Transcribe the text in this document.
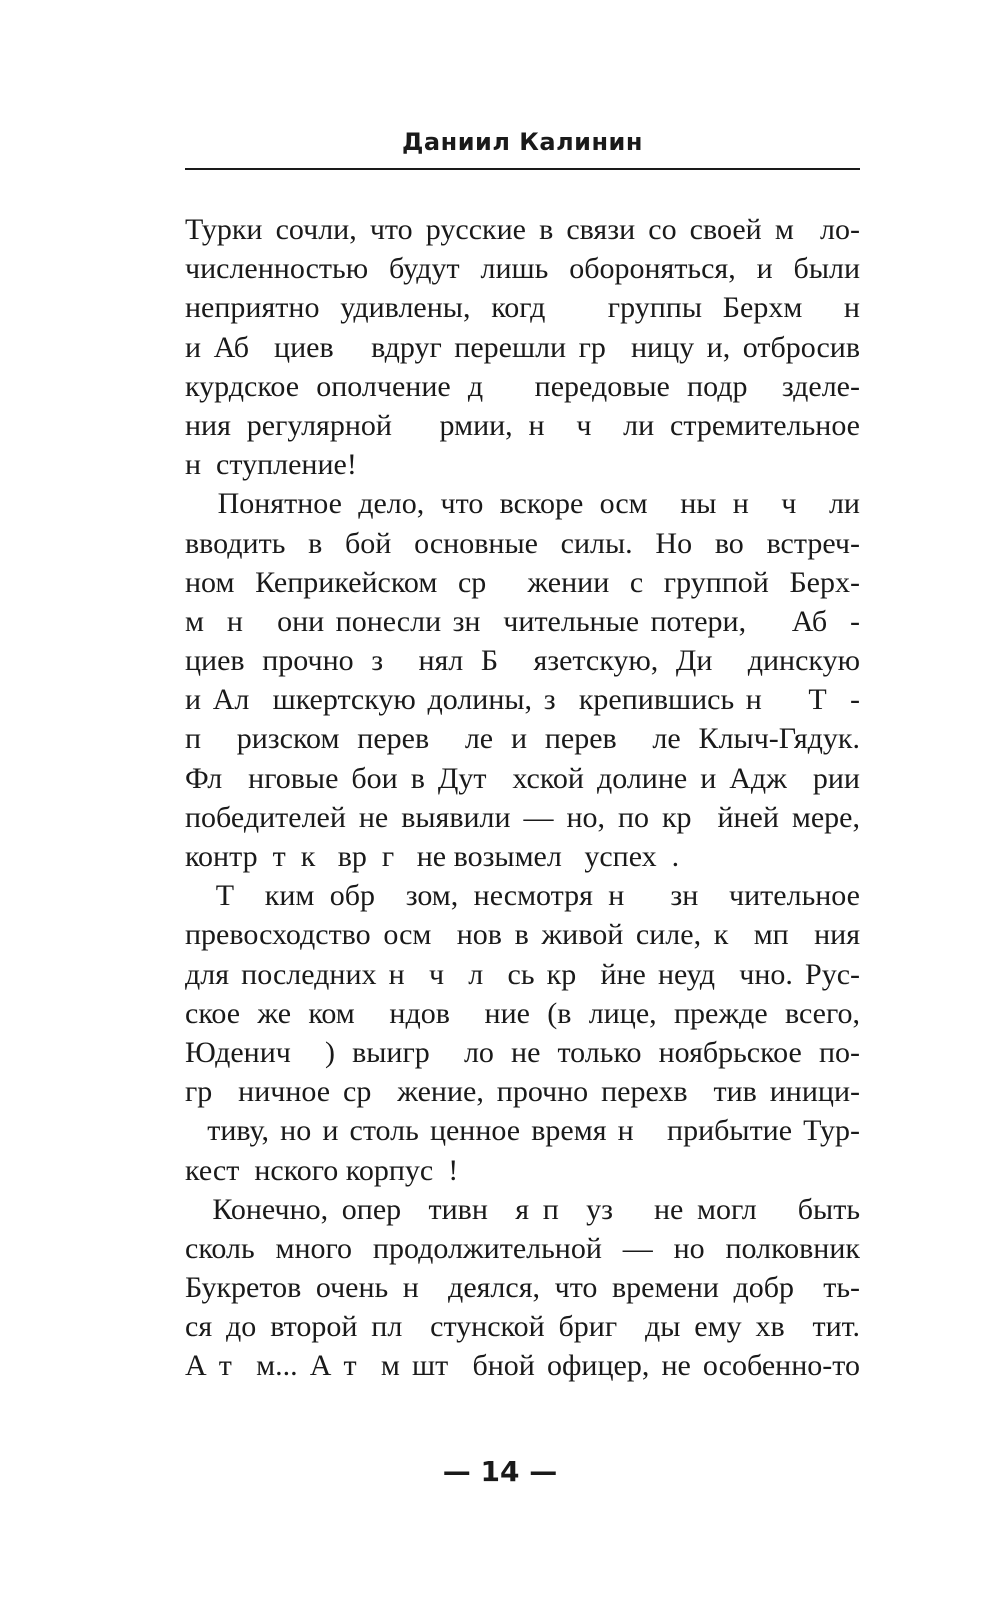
Даниил Калинин
Турки сочли, что русские в связи со своей м  ло-
численностью будут лишь обороняться, и были
неприятно удивлены, когд   группы Берхм  н
и Аб  циев   вдруг перешли гр  ницу и, отбросив
курдское ополчение д   передовые подр  зделе-
ния регулярной   рмии, н  ч  ли стремительное
н  ступление!
Понятное дело, что вскоре осм  ны н  ч  ли
вводить в бой основные силы. Но во встреч-
ном Кеприкейском ср  жении с группой Берх-
м  н   они понесли зн  чительные потери,    Аб  -
циев прочно з  нял Б  язетскую, Ди  динскую
и Ал  шкертскую долины, з  крепившись н    Т  -
п  ризском перев  ле и перев  ле Клыч-Гядук.
Фл  нговые бои в Дут  хской долине и Адж  рии
победителей не выявили — но, по кр  йней мере,
контр  т  к   вр  г   не возымел   успех  .
Т  ким обр  зом, несмотря н   зн  чительное
превосходство осм  нов в живой силе, к  мп  ния
для последних н  ч  л  сь кр  йне неуд  чно. Рус-
ское же ком  ндов  ние (в лице, прежде всего,
Юденич  ) выигр  ло не только ноябрьское по-
гр  ничное ср  жение, прочно перехв  тив иници-
тиву, но и столь ценное время н   прибытие Тур-
кест  нского корпус  !
Конечно, опер  тивн  я п  уз   не могл   быть
сколь много продолжительной — но полковник
Букретов очень н  деялся, что времени добр  ть-
ся до второй пл  стунской бриг  ды ему хв  тит.
А т  м... А т  м шт  бной офицер, не особенно-то
— 14 —
